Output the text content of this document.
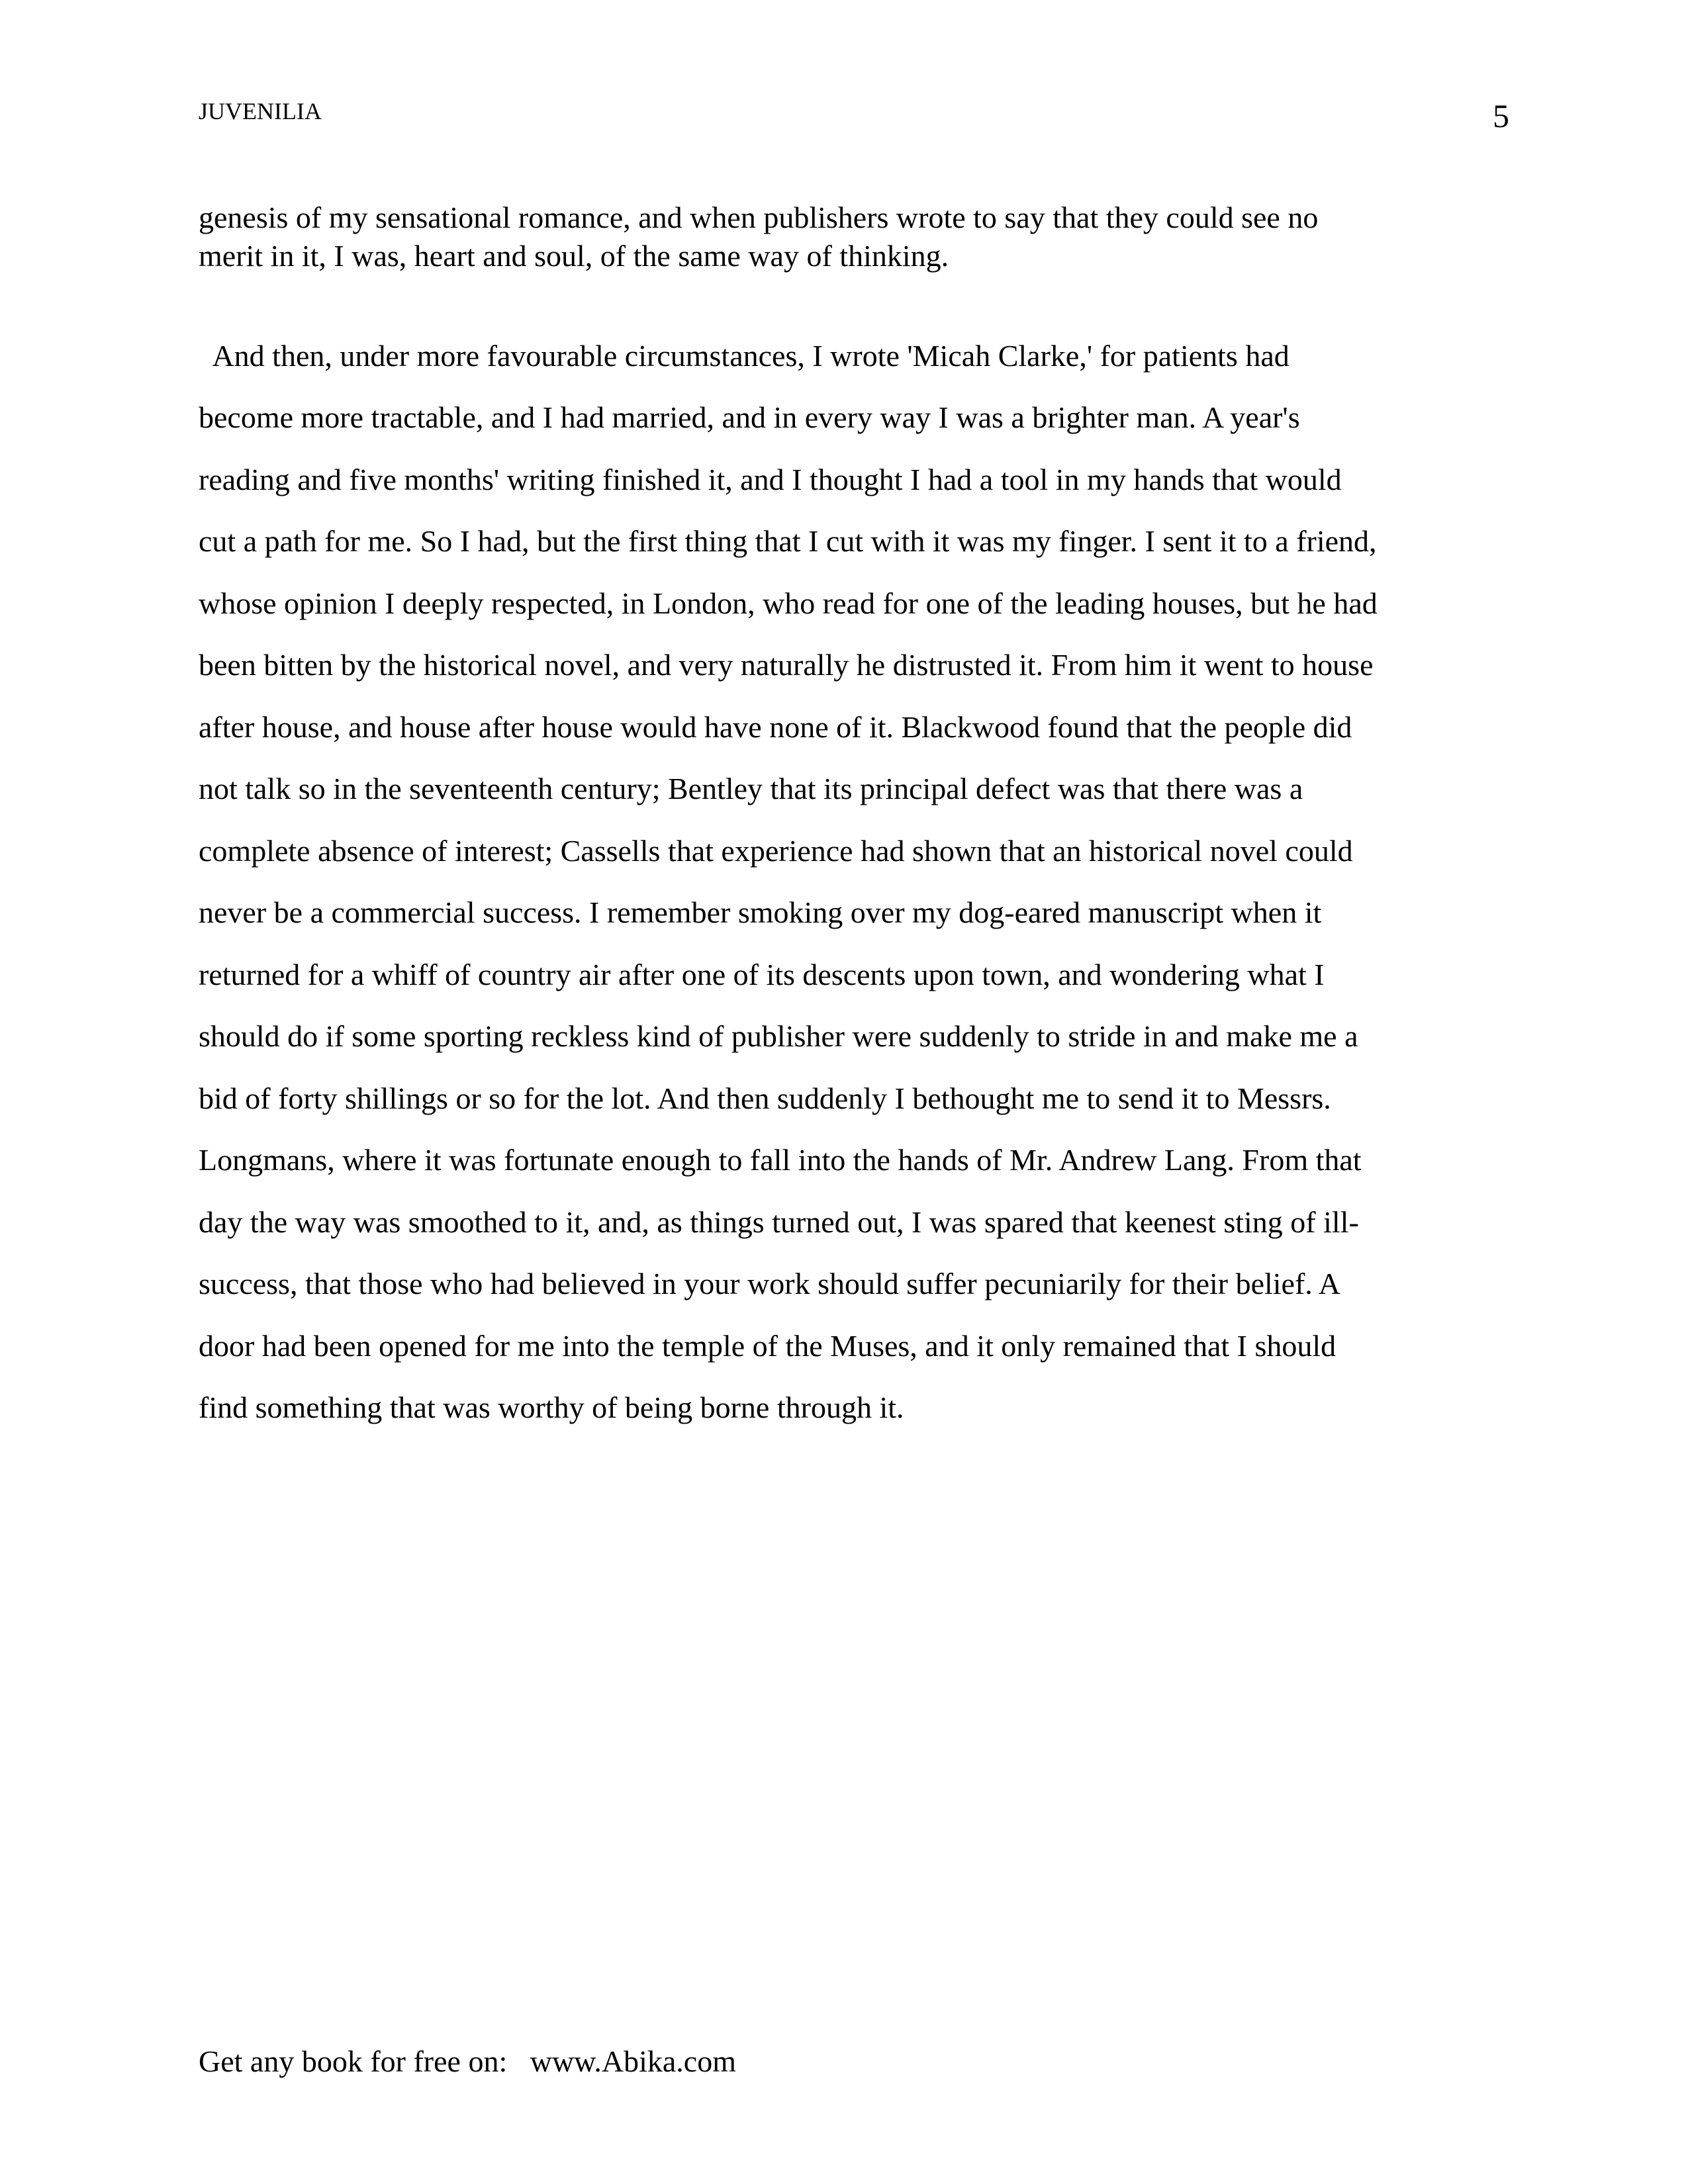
JUVENILIA	5
genesis of my sensational romance, and when publishers wrote to say that they could see no
merit in it, I was, heart and soul, of the same way of thinking.

And then, under more favourable circumstances, I wrote 'Micah Clarke,' for patients had

become more tractable, and I had married, and in every way I was a brighter man. A year's

reading and five months' writing finished it, and I thought I had a tool in my hands that would

cut a path for me. So I had, but the first thing that I cut with it was my finger. I sent it to a friend,

whose opinion I deeply respected, in London, who read for one of the leading houses, but he had

been bitten by the historical novel, and very naturally he distrusted it. From him it went to house

after house, and house after house would have none of it. Blackwood found that the people did

not talk so in the seventeenth century; Bentley that its principal defect was that there was a

complete absence of interest; Cassells that experience had shown that an historical novel could

never be a commercial success. I remember smoking over my dog-eared manuscript when it

returned for a whiff of country air after one of its descents upon town, and wondering what I

should do if some sporting reckless kind of publisher were suddenly to stride in and make me a

bid of forty shillings or so for the lot. And then suddenly I bethought me to send it to Messrs.

Longmans, where it was fortunate enough to fall into the hands of Mr. Andrew Lang. From that

day the way was smoothed to it, and, as things turned out, I was spared that keenest sting of ill-

success, that those who had believed in your work should suffer pecuniarily for their belief. A

door had been opened for me into the temple of the Muses, and it only remained that I should

find something that was worthy of being borne through it.

Get any book for free on:   www.Abika.com
